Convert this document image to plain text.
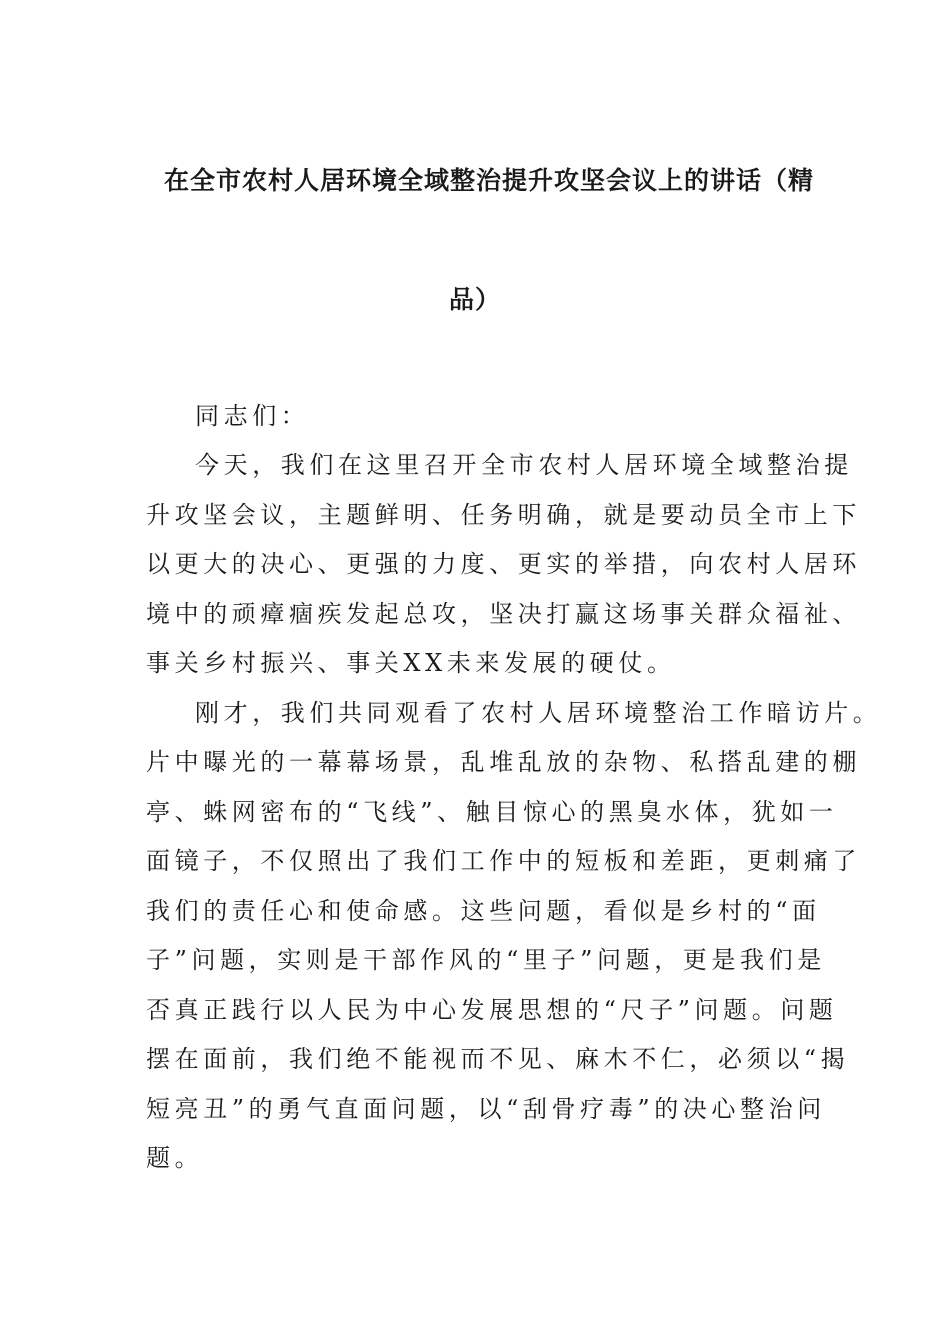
在全市农村人居环境全域整治提升攻坚会议上的讲话（精
品）
同志们：
今天，我们在这里召开全市农村人居环境全域整治提
升攻坚会议，主题鲜明、任务明确，就是要动员全市上下
以更大的决心、更强的力度、更实的举措，向农村人居环
境中的顽瘴痼疾发起总攻，坚决打赢这场事关群众福祉、
事关乡村振兴、事关XX未来发展的硬仗。
刚才，我们共同观看了农村人居环境整治工作暗访片。
片中曝光的一幕幕场景，乱堆乱放的杂物、私搭乱建的棚
亭、蛛网密布的“飞线”、触目惊心的黑臭水体，犹如一
面镜子，不仅照出了我们工作中的短板和差距，更刺痛了
我们的责任心和使命感。这些问题，看似是乡村的“面
子”问题，实则是干部作风的“里子”问题，更是我们是
否真正践行以人民为中心发展思想的“尺子”问题。问题
摆在面前，我们绝不能视而不见、麻木不仁，必须以“揭
短亮丑”的勇气直面问题，以“刮骨疗毒”的决心整治问
题。
